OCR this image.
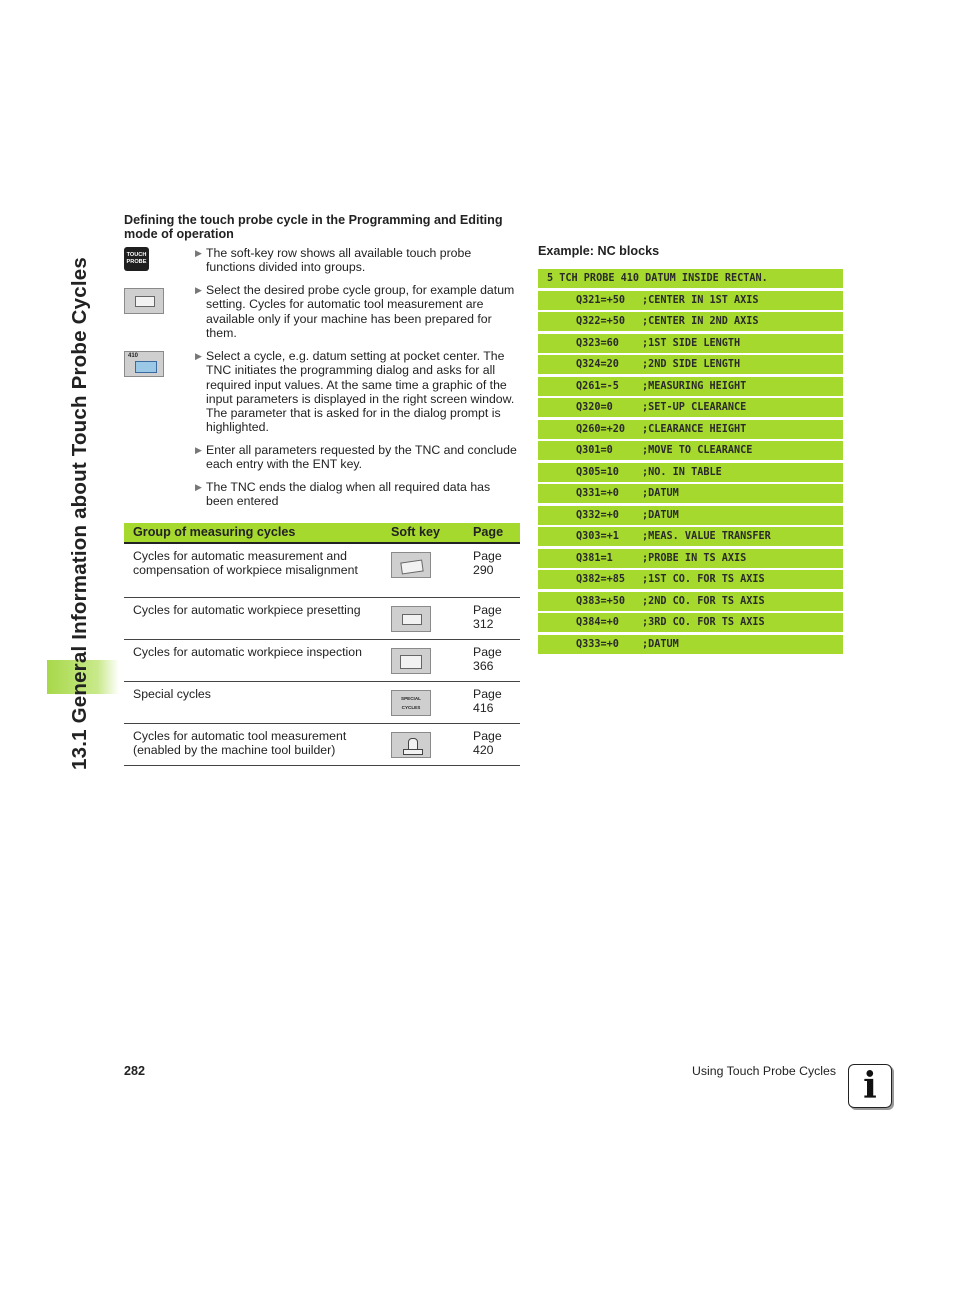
13.1 General Information about Touch Probe Cycles
Defining the touch probe cycle in the Programming and Editing mode of operation
TOUCH PROBE
▶ The soft-key row shows all available touch probe functions divided into groups.
▶ Select the desired probe cycle group, for example datum setting. Cycles for automatic tool measurement are available only if your machine has been prepared for them.
410	▶ Select a cycle, e.g. datum setting at pocket center. The TNC initiates the programming dialog and asks for all required input values. At the same time a graphic of the input parameters is displayed in the right screen window. The parameter that is asked for in the dialog prompt is highlighted.
▶ Enter all parameters requested by the TNC and conclude each entry with the ENT key.
▶ The TNC ends the dialog when all required data has been entered
Group of measuring cycles	Soft key	Page
Cycles for automatic measurement and compensation of workpiece misalignment		Page 290
Cycles for automatic workpiece presetting		Page 312
Cycles for automatic workpiece inspection		Page 366
Special cycles	SPECIAL CYCLES	Page 416
Cycles for automatic tool measurement (enabled by the machine tool builder)		Page 420
Example: NC blocks
5 TCH PROBE 410 DATUM INSIDE RECTAN.
Q321=+50 ;CENTER IN 1ST AXIS
Q322=+50 ;CENTER IN 2ND AXIS
Q323=60 ;1ST SIDE LENGTH
Q324=20 ;2ND SIDE LENGTH
Q261=-5 ;MEASURING HEIGHT
Q320=0	;SET-UP CLEARANCE
Q260=+20 ;CLEARANCE HEIGHT
Q301=0	;MOVE TO CLEARANCE
Q305=10 ;NO. IN TABLE
Q331=+0 ;DATUM
Q332=+0 ;DATUM
Q303=+1 ;MEAS. VALUE TRANSFER
Q381=1	;PROBE IN TS AXIS
Q382=+85 ;1ST CO. FOR TS AXIS
Q383=+50 ;2ND CO. FOR TS AXIS
Q384=+0 ;3RD CO. FOR TS AXIS
Q333=+0 ;DATUM
282	Using Touch Probe Cycles i
